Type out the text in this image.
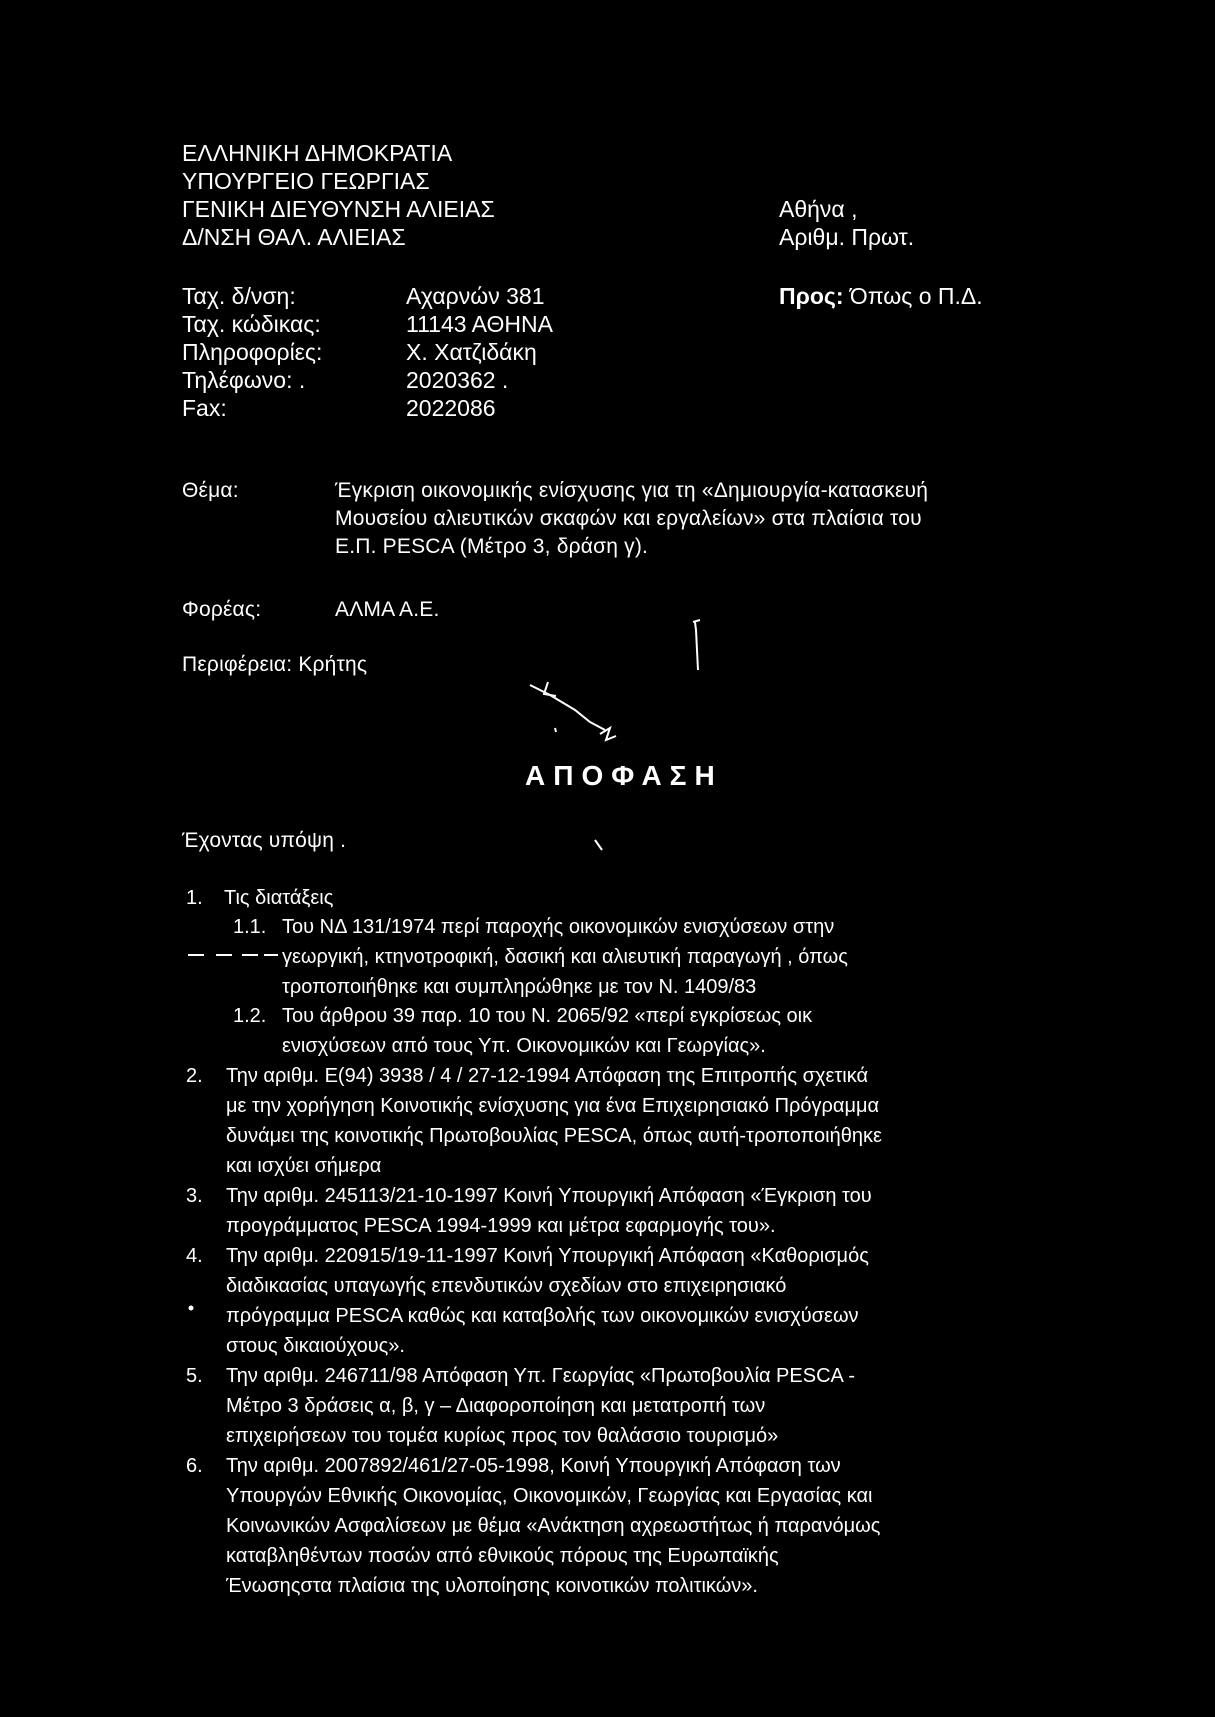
ΕΛΛΗΝΙΚΗ ΔΗΜΟΚΡΑΤΙΑ
ΥΠΟΥΡΓΕΙΟ ΓΕΩΡΓΙΑΣ
ΓΕΝΙΚΗ ΔΙΕΥΘΥΝΣΗ ΑΛΙΕΙΑΣ
Δ/ΝΣΗ ΘΑΛ. ΑΛΙΕΙΑΣ
Αθήνα ,
Αριθμ. Πρωτ.
Ταχ. δ/νση:
Ταχ. κώδικας:
Πληροφορίες:
Τηλέφωνο: .
Fax:
Αχαρνών 381
11143 ΑΘΗΝΑ
Χ. Χατζιδάκη
2020362 .
2022086
Προς: Όπως ο Π.Δ.
Θέμα:	Έγκριση οικονομικής ενίσχυσης για τη «Δημιουργία-κατασκευή
Μουσείου αλιευτικών σκαφών και εργαλείων» στα πλαίσια του
Ε.Π. PESCA (Μέτρο 3, δράση γ).
Φορέας:	ΑΛΜΑ Α.Ε.
Περιφέρεια: Κρήτης
ΑΠΟΦΑΣΗ
Έχοντας υπόψη .
1. Τις διατάξεις
1.1. Του ΝΔ 131/1974 περί παροχής οικονομικών ενισχύσεων στην
γεωργική, κτηνοτροφική, δασική και αλιευτική παραγωγή , όπως
τροποποιήθηκε και συμπληρώθηκε με τον Ν. 1409/83
1.2. Του άρθρου 39 παρ. 10 του Ν. 2065/92 «περί εγκρίσεως οικ
ενισχύσεων από τους Υπ. Οικονομικών και Γεωργίας».
2. Την αριθμ. Ε(94) 3938 / 4 / 27-12-1994 Απόφαση της Επιτροπής σχετικά
με την χορήγηση Κοινοτικής ενίσχυσης για ένα Επιχειρησιακό Πρόγραμμα
δυνάμει της κοινοτικής Πρωτοβουλίας PESCA, όπως αυτή-τροποποιήθηκε
και ισχύει σήμερα
3. Την αριθμ. 245113/21-10-1997 Κοινή Υπουργική Απόφαση «Έγκριση του
προγράμματος PESCA 1994-1999 και μέτρα εφαρμογής του».
4. Την αριθμ. 220915/19-11-1997 Κοινή Υπουργική Απόφαση «Καθορισμός
διαδικασίας υπαγωγής επενδυτικών σχεδίων στο επιχειρησιακό
πρόγραμμα PESCA καθώς και καταβολής των οικονομικών ενισχύσεων
στους δικαιούχους».
5. Την αριθμ. 246711/98 Απόφαση Υπ. Γεωργίας «Πρωτοβουλία PESCA -
Μέτρο 3 δράσεις α, β, γ – Διαφοροποίηση και μετατροπή των
επιχειρήσεων του τομέα κυρίως προς τον θαλάσσιο τουρισμό»
6. Την αριθμ. 2007892/461/27-05-1998, Κοινή Υπουργική Απόφαση των
Υπουργών Εθνικής Οικονομίας, Οικονομικών, Γεωργίας και Εργασίας και
Κοινωνικών Ασφαλίσεων με θέμα «Ανάκτηση αχρεωστήτως ή παρανόμως
καταβληθέντων ποσών από εθνικούς πόρους της Ευρωπαϊκής
Ένωσηςστα πλαίσια της υλοποίησης κοινοτικών πολιτικών».
